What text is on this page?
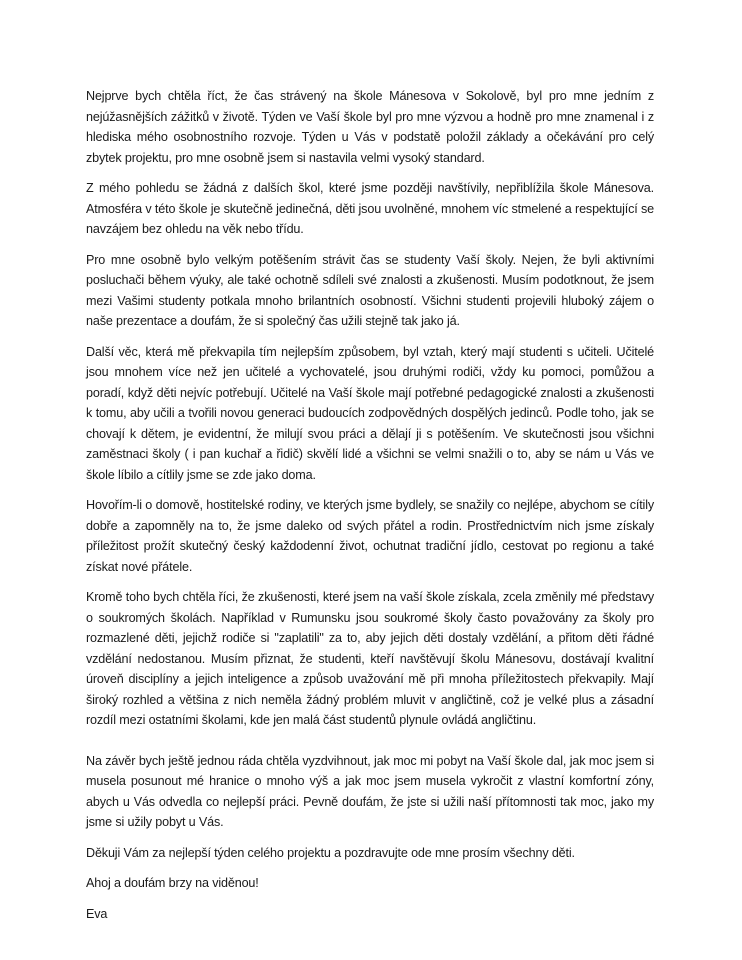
Nejprve bych chtěla říct, že čas strávený na škole Mánesova v Sokolově, byl pro mne jedním z nejúžasnějších zážitků v životě. Týden ve Vaší škole byl pro mne výzvou a hodně pro mne znamenal i z hlediska mého osobnostního rozvoje. Týden u Vás v podstatě položil základy a očekávání pro celý zbytek projektu, pro mne osobně jsem si nastavila velmi vysoký standard.

Z mého pohledu se žádná z dalších škol, které jsme později navštívily, nepřiblížila škole Mánesova. Atmosféra v této škole je skutečně jedinečná, děti jsou uvolněné, mnohem víc stmelené a respektující se navzájem bez ohledu na věk nebo třídu.

Pro mne osobně bylo velkým potěšením strávit čas se studenty Vaší školy. Nejen, že byli aktivními posluchači během výuky, ale také ochotně sdíleli své znalosti a zkušenosti. Musím podotknout, že jsem mezi Vašimi studenty potkala mnoho brilantních osobností. Všichni studenti projevili hluboký zájem o naše prezentace a doufám, že si společný čas užili stejně tak jako já.

Další věc, která mě překvapila tím nejlepším způsobem, byl vztah, který mají studenti s učiteli. Učitelé jsou mnohem více než jen učitelé a vychovatelé, jsou druhými rodiči, vždy ku pomoci, pomůžou a poradí, když děti nejvíc potřebují. Učitelé na Vaší škole mají potřebné pedagogické znalosti a zkušenosti k tomu, aby učili a tvořili novou generaci budoucích zodpovědných dospělých jedinců. Podle toho, jak se chovají k dětem, je evidentní, že milují svou práci a dělají ji s potěšením. Ve skutečnosti jsou všichni zaměstnaci školy ( i pan kuchař a řidič) skvělí lidé a všichni se velmi snažili o to, aby se nám u Vás ve škole líbilo a cítlily jsme se zde jako doma.

Hovořím-li o domově, hostitelské rodiny, ve kterých jsme bydlely, se snažily co nejlépe, abychom se cítily dobře a zapomněly na to, že jsme daleko od svých přátel a rodin. Prostřednictvím nich jsme získaly příležitost prožít skutečný český každodenní život, ochutnat tradiční jídlo, cestovat po regionu a také získat nové přátele.

Kromě toho bych chtěla říci, že zkušenosti, které jsem na vaší škole získala, zcela změnily mé představy o soukromých školách. Například v Rumunsku jsou soukromé školy často považovány za školy pro rozmazlené děti, jejichž rodiče si "zaplatili" za to, aby jejich děti dostaly vzdělání, a přitom děti řádné vzdělání nedostanou. Musím přiznat, že studenti, kteří navštěvují školu Mánesovu, dostávají kvalitní úroveň disciplíny a jejich inteligence a způsob uvažování mě při mnoha příležitostech překvapily. Mají široký rozhled a většina z nich neměla žádný problém mluvit v angličtině, což je velké plus a zásadní rozdíl mezi ostatními školami, kde jen malá část studentů plynule ovládá angličtinu.

Na závěr bych ještě jednou ráda chtěla vyzdvihnout, jak moc mi pobyt na Vaší škole dal, jak moc jsem si musela posunout mé hranice o mnoho výš a jak moc jsem musela vykročit z vlastní komfortní zóny, abych u Vás odvedla co nejlepší práci. Pevně doufám, že jste si užili naší přítomnosti tak moc, jako my jsme si užily pobyt u Vás.

Děkuji Vám za nejlepší týden celého projektu a pozdravujte ode mne prosím všechny děti.

Ahoj a doufám brzy na viděnou!

Eva
